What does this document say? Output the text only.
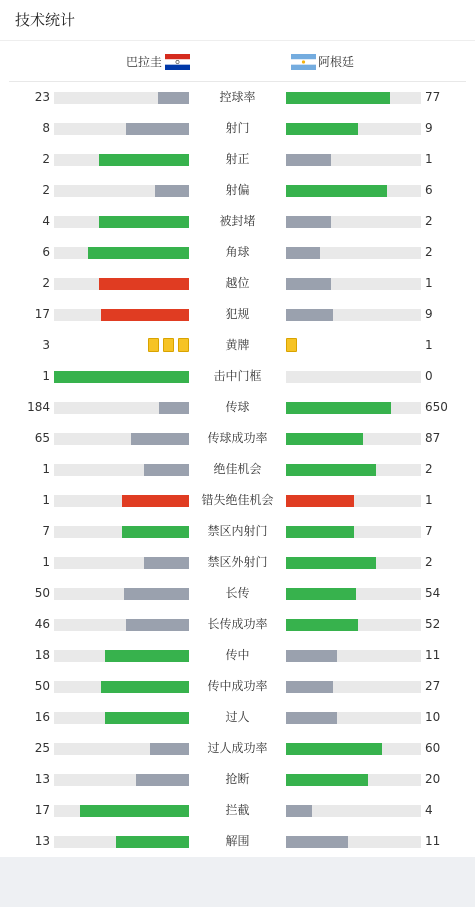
技术统计
巴拉圭	阿根廷
23	控球率	77
8	射门	9
2	射正	1
2	射偏	6
4	被封堵	2
6	角球	2
2	越位	1
17	犯规	9
3	黄牌	1
1	击中门框	0
184	传球	650
65	传球成功率	87
1	绝佳机会	2
1	错失绝佳机会	1
7	禁区内射门	7
1	禁区外射门	2
50	长传	54
46	长传成功率	52
18	传中	11
50	传中成功率	27
16	过人	10
25	过人成功率	60
13	抢断	20
17	拦截	4
13	解围	11
